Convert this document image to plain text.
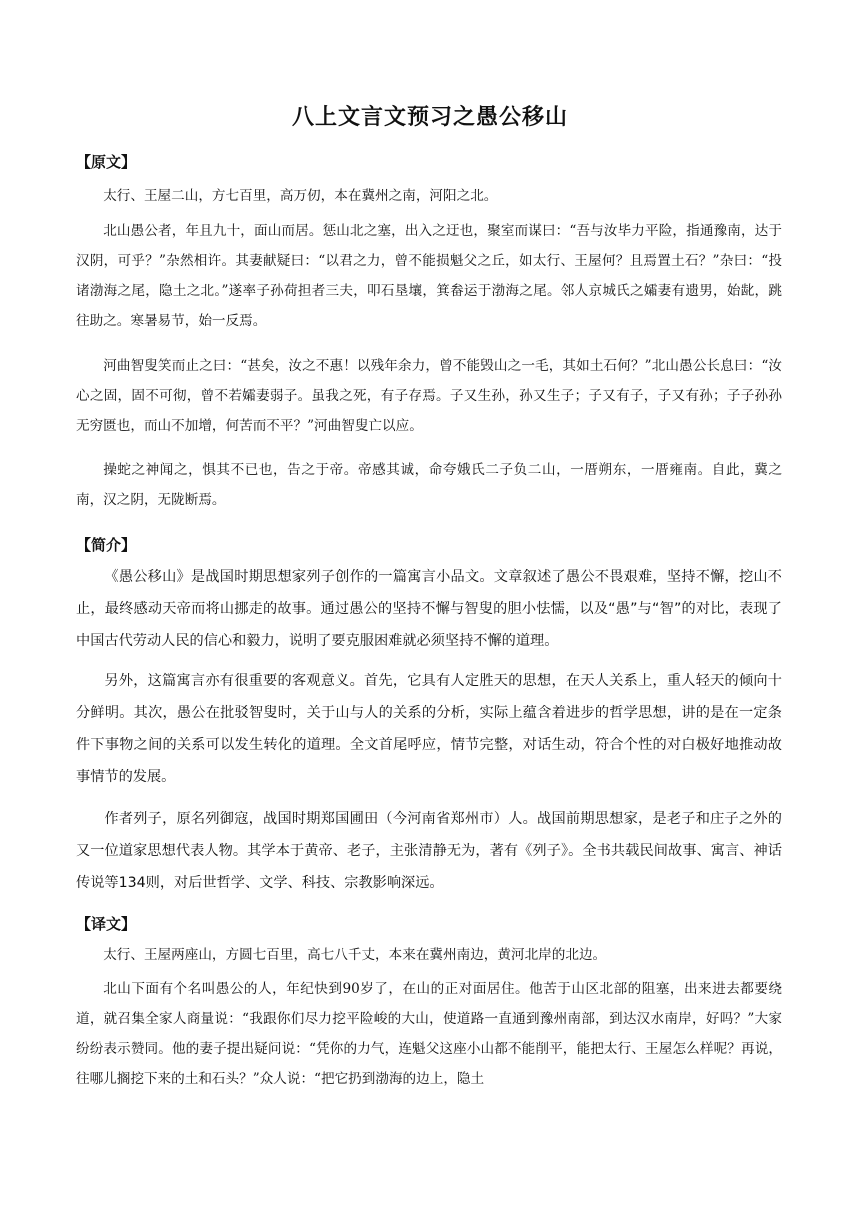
八上文言文预习之愚公移山
【原文】

太行、王屋二山，方七百里，高万仞，本在冀州之南，河阳之北。

北山愚公者，年且九十，面山而居。惩山北之塞，出入之迂也，聚室而谋曰：“吾与汝毕力平险，指通豫南，达于汉阴，可乎？”杂然相许。其妻献疑曰：“以君之力，曾不能损魁父之丘，如太行、王屋何？且焉置土石？”杂曰：“投诸渤海之尾，隐土之北。”遂率子孙荷担者三夫，叩石垦壤，箕畚运于渤海之尾。邻人京城氏之孀妻有遗男，始龀，跳往助之。寒暑易节，始一反焉。

河曲智叟笑而止之曰：“甚矣，汝之不惠！以残年余力，曾不能毁山之一毛，其如土石何？”北山愚公长息曰：“汝心之固，固不可彻，曾不若孀妻弱子。虽我之死，有子存焉。子又生孙，孙又生子；子又有子，子又有孙；子子孙孙无穷匮也，而山不加增，何苦而不平？”河曲智叟亡以应。

操蛇之神闻之，惧其不已也，告之于帝。帝感其诚，命夸娥氏二子负二山，一厝朔东，一厝雍南。自此，冀之南，汉之阴，无陇断焉。

【简介】

《愚公移山》是战国时期思想家列子创作的一篇寓言小品文。文章叙述了愚公不畏艰难，坚持不懈，挖山不止，最终感动天帝而将山挪走的故事。通过愚公的坚持不懈与智叟的胆小怯懦，以及“愚”与“智”的对比，表现了中国古代劳动人民的信心和毅力，说明了要克服困难就必须坚持不懈的道理。

另外，这篇寓言亦有很重要的客观意义。首先，它具有人定胜天的思想，在天人关系上，重人轻天的倾向十分鲜明。其次，愚公在批驳智叟时，关于山与人的关系的分析，实际上蕴含着进步的哲学思想，讲的是在一定条件下事物之间的关系可以发生转化的道理。全文首尾呼应，情节完整，对话生动，符合个性的对白极好地推动故事情节的发展。

作者列子，原名列御寇，战国时期郑国圃田（今河南省郑州市）人。战国前期思想家，是老子和庄子之外的又一位道家思想代表人物。其学本于黄帝、老子，主张清静无为，著有《列子》。全书共载民间故事、寓言、神话传说等134则，对后世哲学、文学、科技、宗教影响深远。

【译文】

太行、王屋两座山，方圆七百里，高七八千丈，本来在冀州南边，黄河北岸的北边。

北山下面有个名叫愚公的人，年纪快到90岁了，在山的正对面居住。他苦于山区北部的阻塞，出来进去都要绕道，就召集全家人商量说：“我跟你们尽力挖平险峻的大山，使道路一直通到豫州南部，到达汉水南岸，好吗？”大家纷纷表示赞同。他的妻子提出疑问说：“凭你的力气，连魁父这座小山都不能削平，能把太行、王屋怎么样呢？再说，往哪儿搁挖下来的土和石头？”众人说：“把它扔到渤海的边上，隐土
